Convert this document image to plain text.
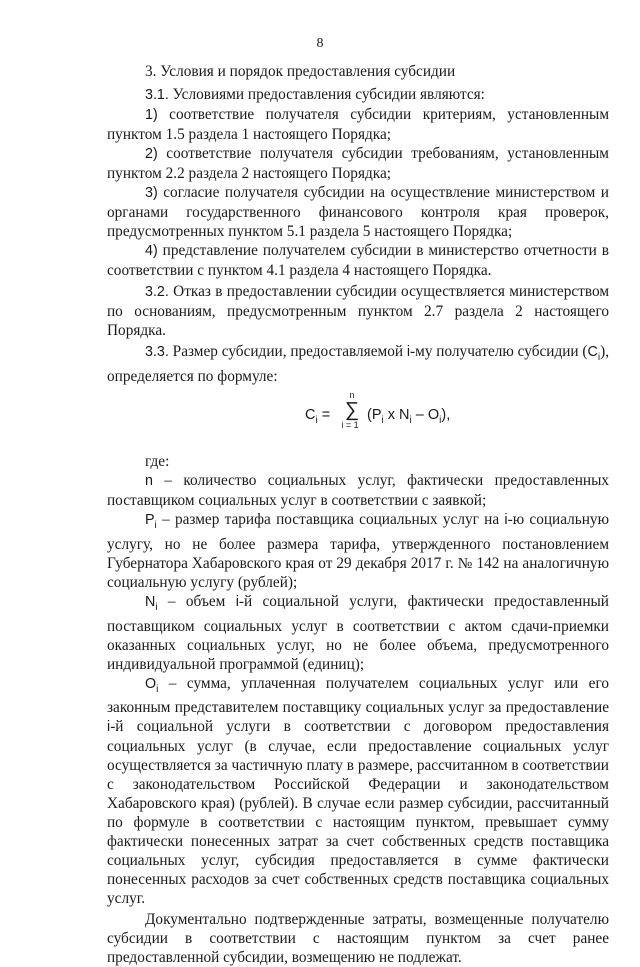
8

3. Условия и порядок предоставления субсидии

3.1. Условиями предоставления субсидии являются:

1) соответствие получателя субсидии критериям, установленным пунктом 1.5 раздела 1 настоящего Порядка;

2) соответствие получателя субсидии требованиям, установленным пунктом 2.2 раздела 2 настоящего Порядка;

3) согласие получателя субсидии на осуществление министерством и органами государственного финансового контроля края проверок, предусмотренных пунктом 5.1 раздела 5 настоящего Порядка;

4) представление получателем субсидии в министерство отчетности в соответствии с пунктом 4.1 раздела 4 настоящего Порядка.

3.2. Отказ в предоставлении субсидии осуществляется министерством по основаниям, предусмотренным пунктом 2.7 раздела 2 настоящего Порядка.

3.3. Размер субсидии, предоставляемой i-му получателю субсидии $(C_i)$, определяется по формуле:

$C_i$ =
n
∑
i = 1
($P_i$ x $N_i - O_i$),

где:

n – количество социальных услуг, фактически предоставленных поставщиком социальных услуг в соответствии с заявкой;

$P_i$ – размер тарифа поставщика социальных услуг на i-ю социальную услугу, но не более размера тарифа, утвержденного постановлением Губернатора Хабаровского края от 29 декабря 2017 г. № 142 на аналогичную социальную услугу (рублей);

$N_i$ – объем i-й социальной услуги, фактически предоставленный поставщиком социальных услуг в соответствии с актом сдачи-приемки оказанных социальных услуг, но не более объема, предусмотренного индивидуальной программой (единиц);

$O_i$ – сумма, уплаченная получателем социальных услуг или его законным представителем поставщику социальных услуг за предоставление i-й социальной услуги в соответствии с договором предоставления социальных услуг (в случае, если предоставление социальных услуг осуществляется за частичную плату в размере, рассчитанном в соответствии с законодательством Российской Федерации и законодательством Хабаровского края) (рублей). В случае если размер субсидии, рассчитанный по формуле в соответствии с настоящим пунктом, превышает сумму фактически понесенных затрат за счет собственных средств поставщика социальных услуг, субсидия предоставляется в сумме фактически понесенных расходов за счет собственных средств поставщика социальных услуг.

Документально подтвержденные затраты, возмещенные получателю субсидии в соответствии с настоящим пунктом за счет ранее предоставленной субсидии, возмещению не подлежат.
